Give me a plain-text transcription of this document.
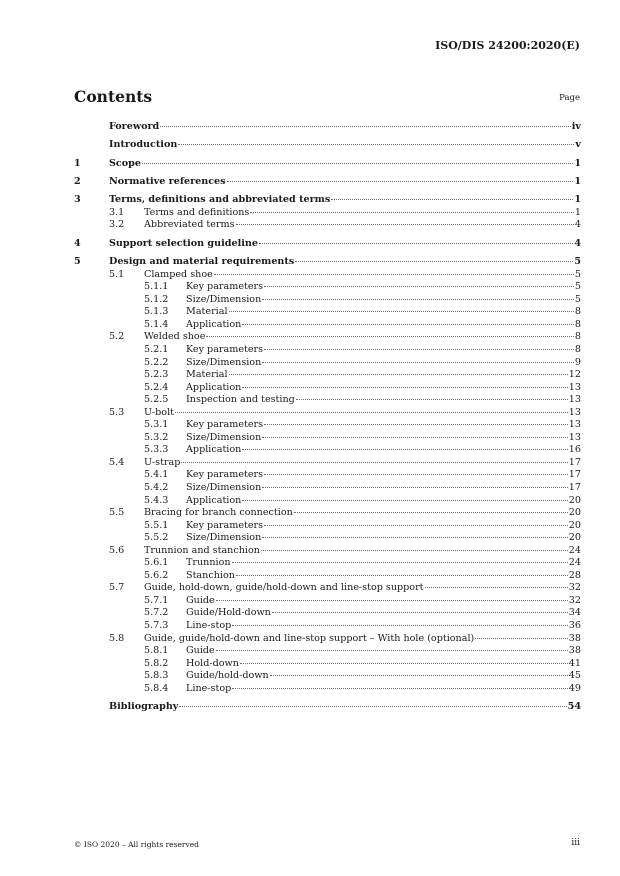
ISO/DIS 24200:2020(E)
Contents	Page
Foreword	iv
Introduction	v
1	Scope	1
2	Normative references	1
3	Terms, definitions and abbreviated terms	1
3.1	Terms and definitions	1
3.2	Abbreviated terms	4
4	Support selection guideline	4
5	Design and material requirements	5
5.1	Clamped shoe	5
5.1.1	Key parameters	5
5.1.2	Size/Dimension	5
5.1.3	Material	8
5.1.4	Application	8
5.2	Welded shoe	8
5.2.1	Key parameters	8
5.2.2	Size/Dimension	9
5.2.3	Material	12
5.2.4	Application	13
5.2.5	Inspection and testing	13
5.3	U-bolt	13
5.3.1	Key parameters	13
5.3.2	Size/Dimension	13
5.3.3	Application	16
5.4	U-strap	17
5.4.1	Key parameters	17
5.4.2	Size/Dimension	17
5.4.3	Application	20
5.5	Bracing for branch connection	20
5.5.1	Key parameters	20
5.5.2	Size/Dimension	20
5.6	Trunnion and stanchion	24
5.6.1	Trunnion	24
5.6.2	Stanchion	28
5.7	Guide, hold-down, guide/hold-down and line-stop support	32
5.7.1	Guide	32
5.7.2	Guide/Hold-down	34
5.7.3	Line-stop	36
5.8	Guide, guide/hold-down and line-stop support – With hole (optional)	38
5.8.1	Guide	38
5.8.2	Hold-down	41
5.8.3	Guide/hold-down	45
5.8.4	Line-stop	49
Bibliography	54
© ISO 2020 – All rights reserved	iii
